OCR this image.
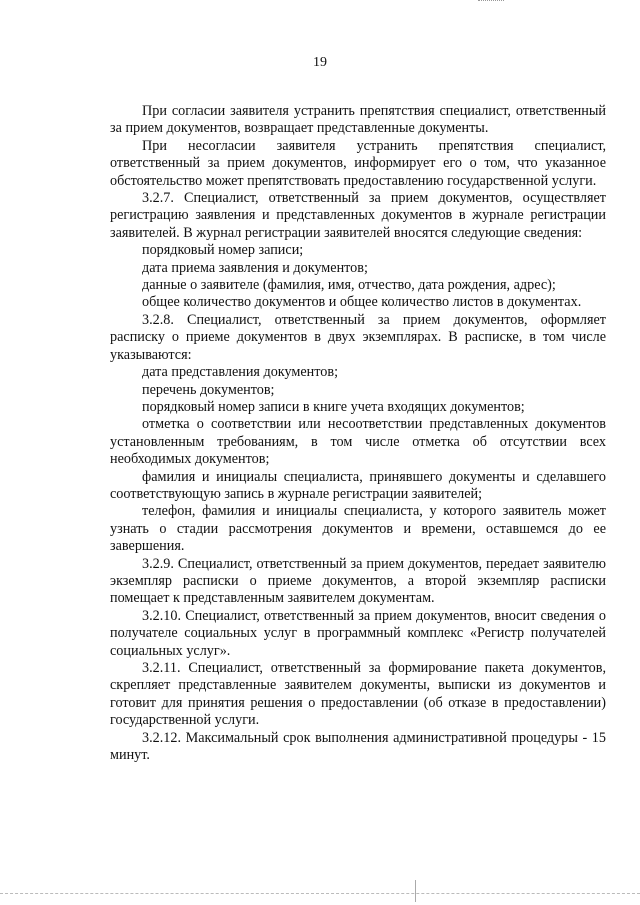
19

При согласии заявителя устранить препятствия специалист, ответственный за прием документов, возвращает представленные документы.

При несогласии заявителя устранить препятствия специалист, ответственный за прием документов, информирует его о том, что указанное обстоятельство может препятствовать предоставлению государственной услуги.

3.2.7. Специалист, ответственный за прием документов, осуществляет регистрацию заявления и представленных документов в журнале регистрации заявителей. В журнал регистрации заявителей вносятся следующие сведения:

порядковый номер записи;

дата приема заявления и документов;

данные о заявителе (фамилия, имя, отчество, дата рождения, адрес);

общее количество документов и общее количество листов в документах.

3.2.8. Специалист, ответственный за прием документов, оформляет расписку о приеме документов в двух экземплярах. В расписке, в том числе указываются:

дата представления документов;

перечень документов;

порядковый номер записи в книге учета входящих документов;

отметка о соответствии или несоответствии представленных документов установленным требованиям, в том числе отметка об отсутствии всех необходимых документов;

фамилия и инициалы специалиста, принявшего документы и сделавшего соответствующую запись в журнале регистрации заявителей;

телефон, фамилия и инициалы специалиста, у которого заявитель может узнать о стадии рассмотрения документов и времени, оставшемся до ее завершения.

3.2.9. Специалист, ответственный за прием документов, передает заявителю экземпляр расписки о приеме документов, а второй экземпляр расписки помещает к представленным заявителем документам.

3.2.10. Специалист, ответственный за прием документов, вносит сведения о получателе социальных услуг в программный комплекс «Регистр получателей социальных услуг».

3.2.11. Специалист, ответственный за формирование пакета документов, скрепляет представленные заявителем документы, выписки из документов и готовит для принятия решения о предоставлении (об отказе в предоставлении) государственной услуги.

3.2.12. Максимальный срок выполнения административной процедуры - 15 минут.
